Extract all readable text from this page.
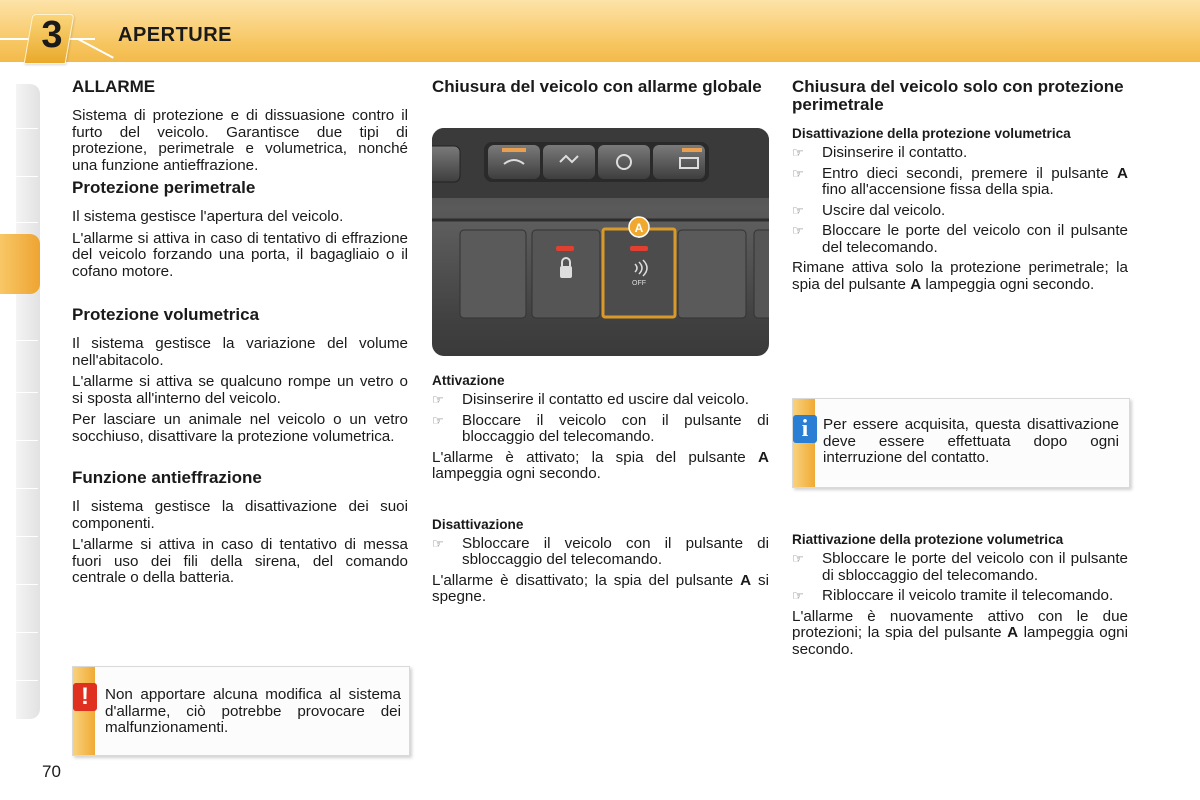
3	APERTURE
ALLARME

Sistema di protezione e di dissuasione contro il furto del veicolo. Garantisce due tipi di protezione, perimetrale e volumetrica, nonché una funzione antieffrazione.

Protezione perimetrale

Il sistema gestisce l'apertura del veicolo.

L'allarme si attiva in caso di tentativo di effrazione del veicolo forzando una porta, il bagagliaio o il cofano motore.

Protezione volumetrica

Il sistema gestisce la variazione del volume nell'abitacolo.

L'allarme si attiva se qualcuno rompe un vetro o si sposta all'interno del veicolo.

Per lasciare un animale nel veicolo o un vetro socchiuso, disattivare la protezione volumetrica.

Funzione antieffrazione

Il sistema gestisce la disattivazione dei suoi componenti.

L'allarme si attiva in caso di tentativo di messa fuori uso dei fili della sirena, del comando centrale o della batteria.

!	Non apportare alcuna modifica al sistema d'allarme, ciò potrebbe provocare dei malfunzionamenti.
Chiusura del veicolo con allarme globale
OFF
A
Attivazione
☞ Disinserire il contatto ed uscire dal veicolo.
☞ Bloccare il veicolo con il pulsante di bloccaggio del telecomando.

L'allarme è attivato; la spia del pulsante A lampeggia ogni secondo.

Disattivazione
☞ Sbloccare il veicolo con il pulsante di sbloccaggio del telecomando.

L'allarme è disattivato; la spia del pulsante A si spegne.

Chiusura del veicolo solo con protezione perimetrale
Disattivazione della protezione volumetrica
☞ Disinserire il contatto.
☞ Entro dieci secondi, premere il pulsante A fino all'accensione fissa della spia.
☞ Uscire dal veicolo.
☞ Bloccare le porte del veicolo con il pulsante del telecomando.

Rimane attiva solo la protezione perimetrale; la spia del pulsante A lampeggia ogni secondo.

i Per essere acquisita, questa disattivazione deve essere effettuata dopo ogni interruzione del contatto.
Riattivazione della protezione volumetrica
☞ Sbloccare le porte del veicolo con il pulsante di sbloccaggio del telecomando.
☞ Ribloccare il veicolo tramite il telecomando.

L'allarme è nuovamente attivo con le due protezioni; la spia del pulsante A lampeggia ogni secondo.

70
